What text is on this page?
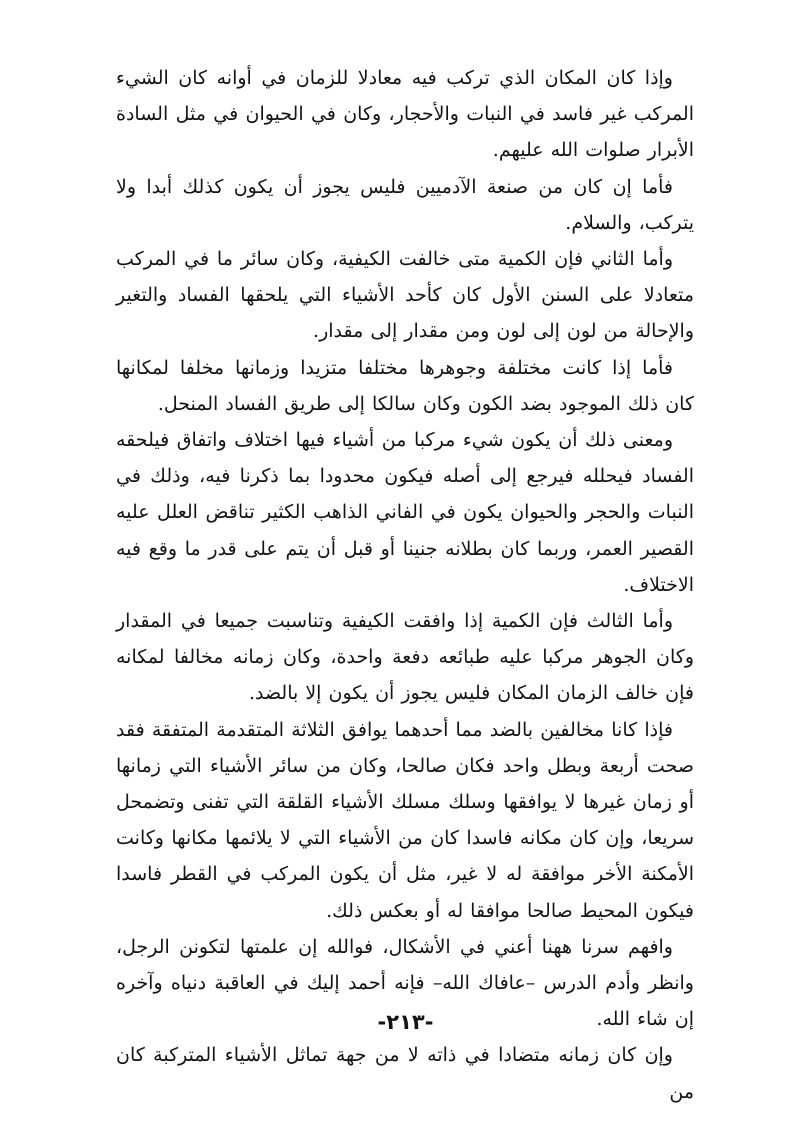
وإذا كان المكان الذي تركب فيه معادلا للزمان في أوانه كان الشيء المركب غير فاسد في النبات والأحجار، وكان في الحيوان في مثل السادة الأبرار صلوات الله عليهم.

فأما إن كان من صنعة الآدميين فليس يجوز أن يكون كذلك أبدا ولا يتركب، والسلام.

وأما الثاني فإن الكمية متى خالفت الكيفية، وكان سائر ما في المركب متعادلا على السنن الأول كان كأحد الأشياء التي يلحقها الفساد والتغير والإحالة من لون إلى لون ومن مقدار إلى مقدار.

فأما إذا كانت مختلفة وجوهرها مختلفا متزيدا وزمانها مخلفا لمكانها كان ذلك الموجود بضد الكون وكان سالكا إلى طريق الفساد المنحل.

ومعنى ذلك أن يكون شيء مركبا من أشياء فيها اختلاف واتفاق فيلحقه الفساد فيحلله فيرجع إلى أصله فيكون محدودا بما ذكرنا فيه، وذلك في النبات والحجر والحيوان يكون في الفاني الذاهب الكثير تناقض العلل عليه القصير العمر، وربما كان بطلانه جنينا أو قبل أن يتم على قدر ما وقع فيه الاختلاف.

وأما الثالث فإن الكمية إذا وافقت الكيفية وتناسبت جميعا في المقدار وكان الجوهر مركبا عليه طبائعه دفعة واحدة، وكان زمانه مخالفا لمكانه فإن خالف الزمان المكان فليس يجوز أن يكون إلا بالضد.

فإذا كانا مخالفين بالضد مما أحدهما يوافق الثلاثة المتقدمة المتفقة فقد صحت أربعة وبطل واحد فكان صالحا، وكان من سائر الأشياء التي زمانها أو زمان غيرها لا يوافقها وسلك مسلك الأشياء القلقة التي تفنى وتضمحل سريعا، وإن كان مكانه فاسدا كان من الأشياء التي لا يلائمها مكانها وكانت الأمكنة الأخر موافقة له لا غير، مثل أن يكون المركب في القطر فاسدا فيكون المحيط صالحا موافقا له أو بعكس ذلك.

وافهم سرنا ههنا أعني في الأشكال، فوالله إن علمتها لتكونن الرجل، وانظر وأدم الدرس –عافاك الله– فإنه أحمد إليك في العاقبة دنياه وآخره إن شاء الله.

وإن كان زمانه متضادا في ذاته لا من جهة تماثل الأشياء المتركبة كان من

-٢١٣-
